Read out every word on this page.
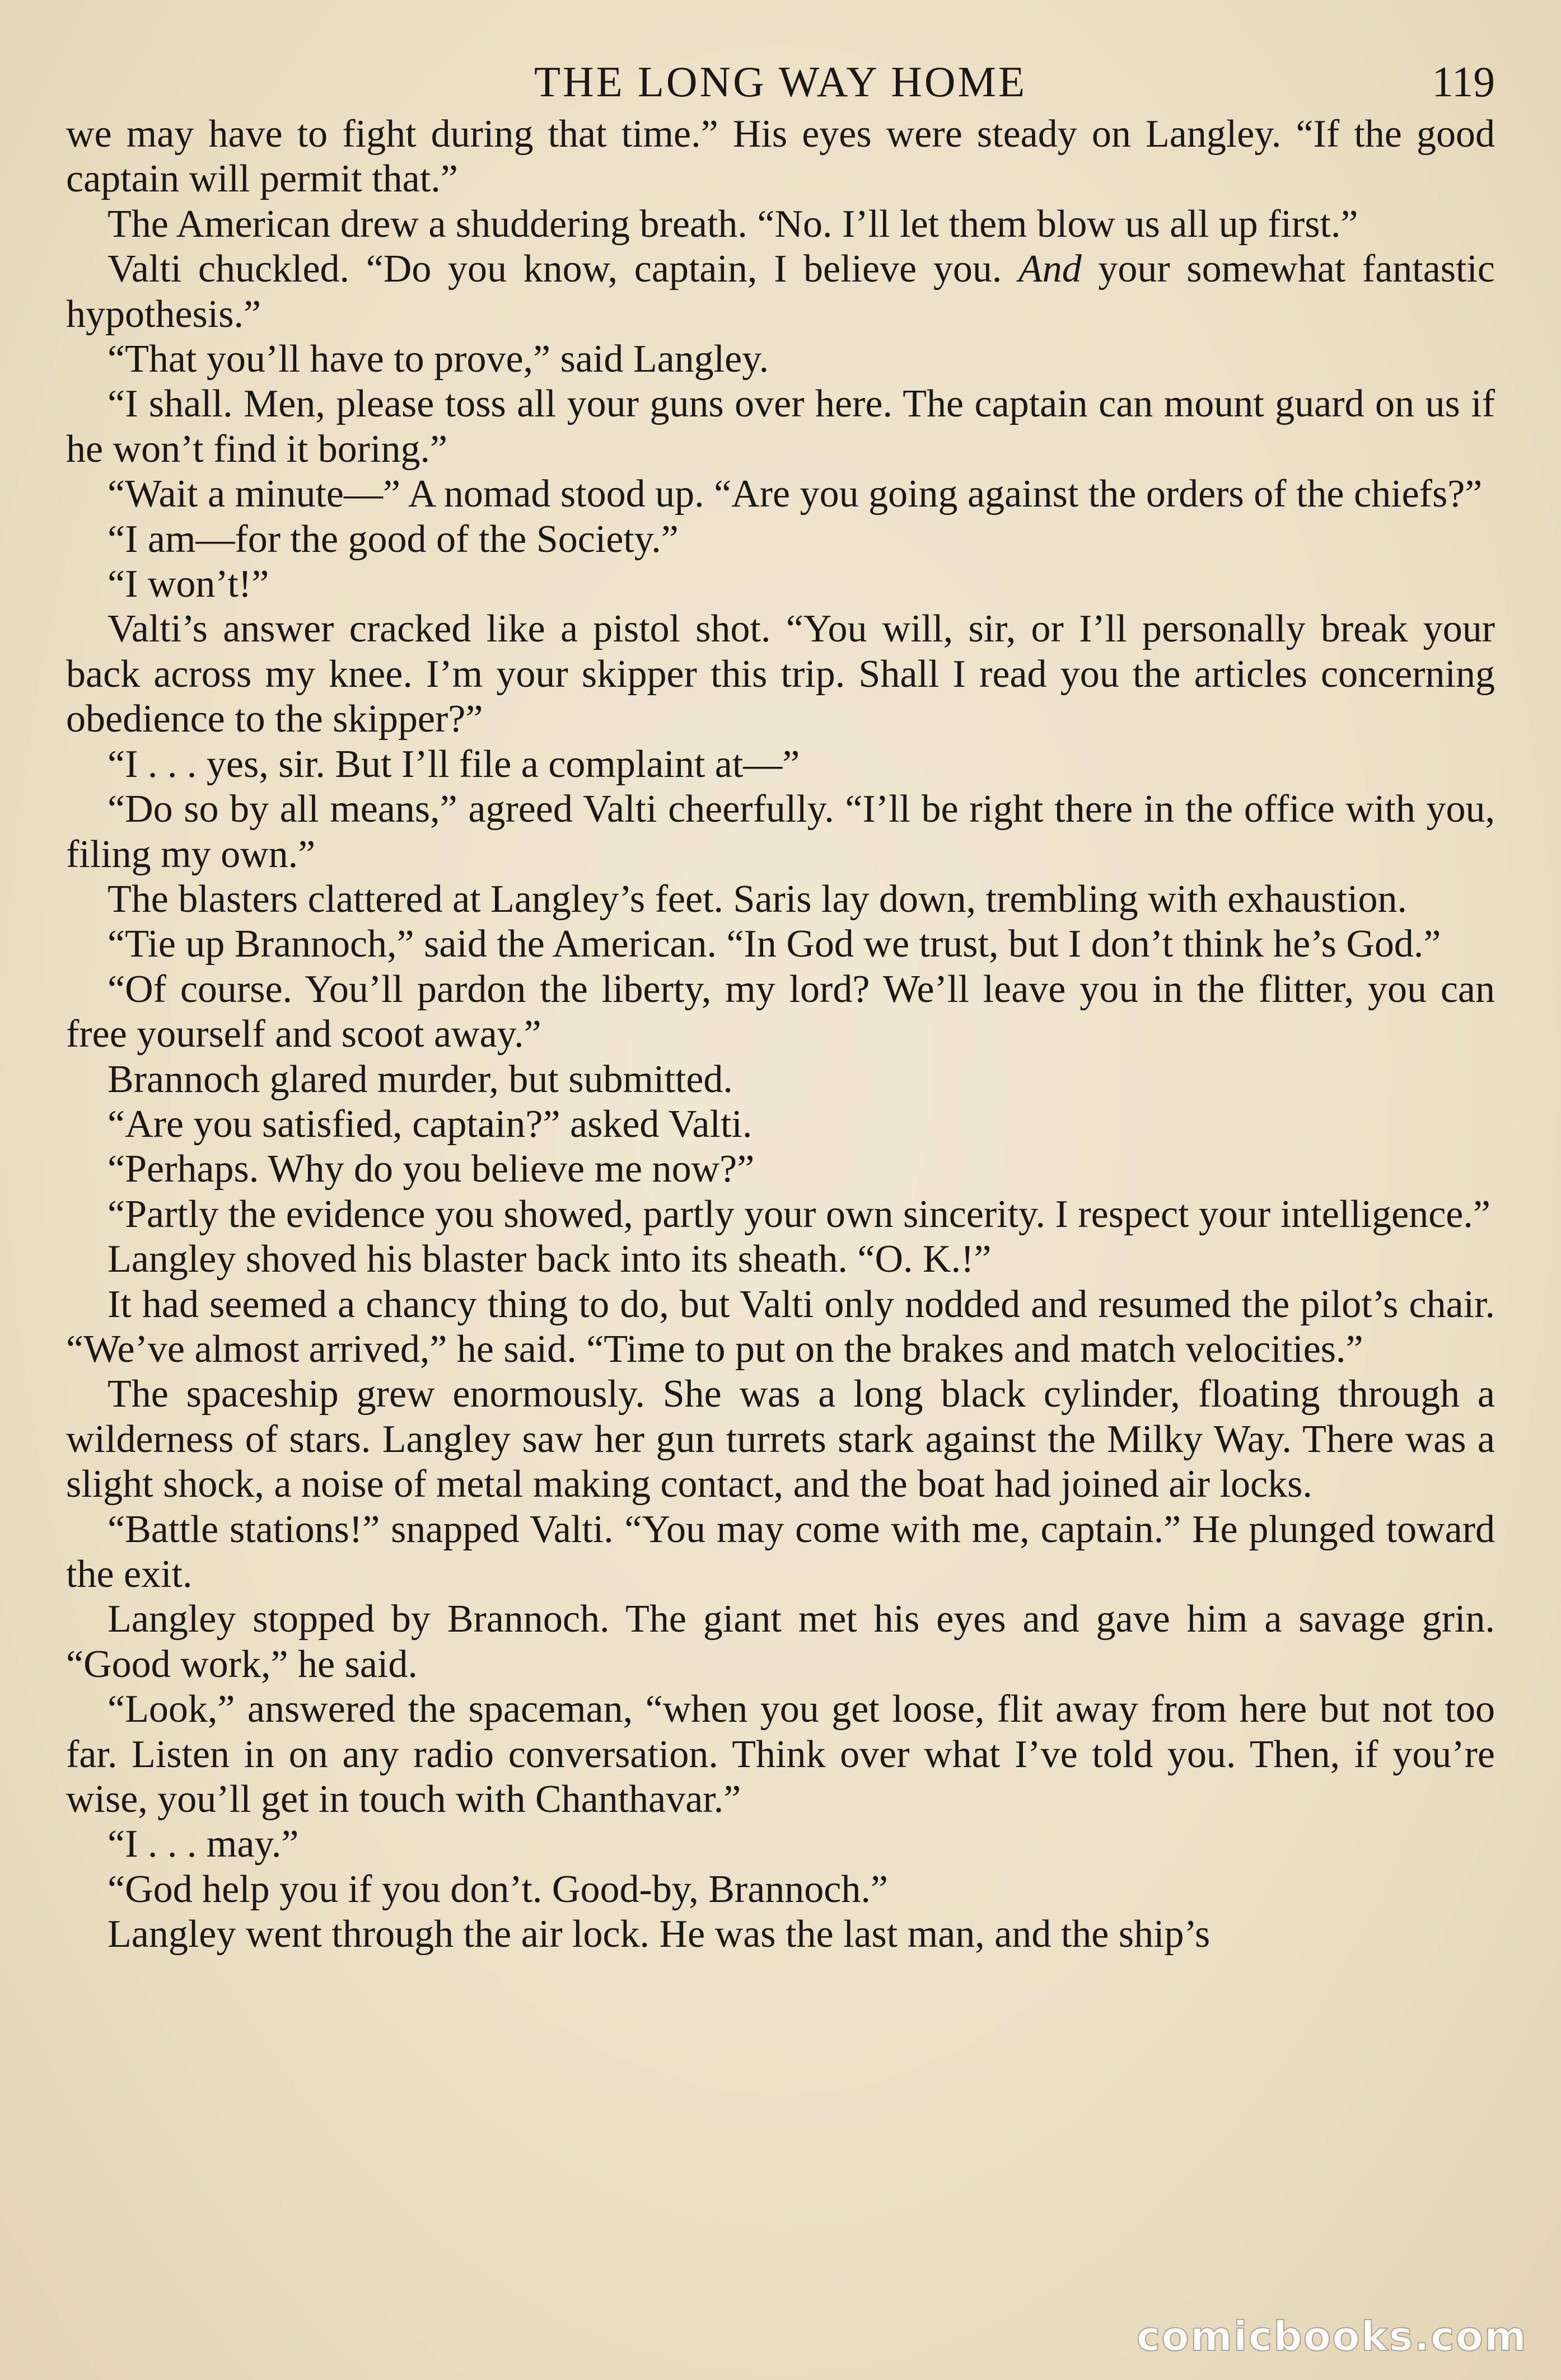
THE LONG WAY HOME	119

we may have to fight during that time.” His eyes were steady on Langley. “If the good captain will permit that.”

The American drew a shuddering breath. “No. I’ll let them blow us all up first.”

Valti chuckled. “Do you know, captain, I believe you. And your somewhat fantastic hypothesis.”

“That you’ll have to prove,” said Langley.

“I shall. Men, please toss all your guns over here. The captain can mount guard on us if he won’t find it boring.”

“Wait a minute—” A nomad stood up. “Are you going against the orders of the chiefs?”

“I am—for the good of the Society.”

“I won’t!”

Valti’s answer cracked like a pistol shot. “You will, sir, or I’ll personally break your back across my knee. I’m your skipper this trip. Shall I read you the articles concerning obedience to the skipper?”

“I . . . yes, sir. But I’ll file a complaint at—”

“Do so by all means,” agreed Valti cheerfully. “I’ll be right there in the office with you, filing my own.”

The blasters clattered at Langley’s feet. Saris lay down, trembling with exhaustion.

“Tie up Brannoch,” said the American. “In God we trust, but I don’t think he’s God.”

“Of course. You’ll pardon the liberty, my lord? We’ll leave you in the flitter, you can free yourself and scoot away.”

Brannoch glared murder, but submitted.

“Are you satisfied, captain?” asked Valti.

“Perhaps. Why do you believe me now?”

“Partly the evidence you showed, partly your own sincerity. I respect your intelligence.”

Langley shoved his blaster back into its sheath. “O. K.!”

It had seemed a chancy thing to do, but Valti only nodded and resumed the pilot’s chair. “We’ve almost arrived,” he said. “Time to put on the brakes and match velocities.”

The spaceship grew enormously. She was a long black cylinder, floating through a wilderness of stars. Langley saw her gun turrets stark against the Milky Way. There was a slight shock, a noise of metal making contact, and the boat had joined air locks.

“Battle stations!” snapped Valti. “You may come with me, captain.” He plunged toward the exit.

Langley stopped by Brannoch. The giant met his eyes and gave him a savage grin. “Good work,” he said.

“Look,” answered the spaceman, “when you get loose, flit away from here but not too far. Listen in on any radio conversation. Think over what I’ve told you. Then, if you’re wise, you’ll get in touch with Chanthavar.”

“I . . . may.”

“God help you if you don’t. Good-by, Brannoch.”

Langley went through the air lock. He was the last man, and the ship’s

comicbooks.com
